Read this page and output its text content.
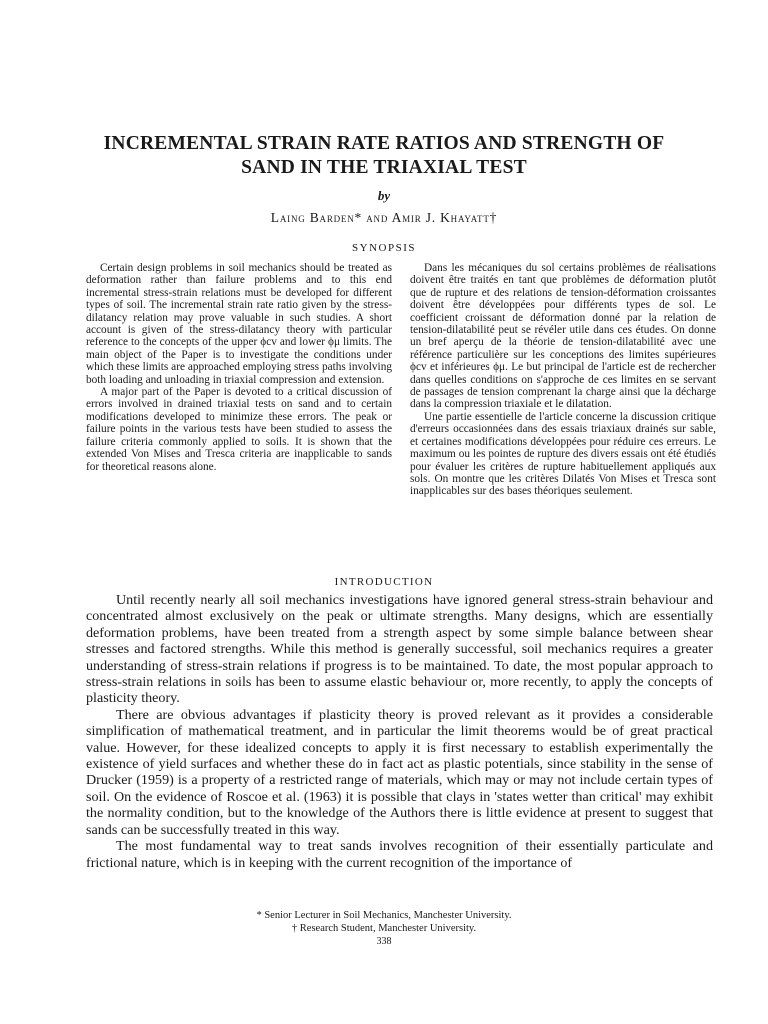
INCREMENTAL STRAIN RATE RATIOS AND STRENGTH OF SAND IN THE TRIAXIAL TEST
by
Laing Barden* and Amir J. Khayatt†
SYNOPSIS

Certain design problems in soil mechanics should be treated as deformation rather than failure problems and to this end incremental stress-strain relations must be developed for different types of soil. The incremental strain rate ratio given by the stress-dilatancy relation may prove valuable in such studies. A short account is given of the stress-dilatancy theory with particular reference to the concepts of the upper ϕcv and lower ϕμ limits. The main object of the Paper is to investigate the conditions under which these limits are approached employing stress paths involving both loading and unloading in triaxial compression and extension.

A major part of the Paper is devoted to a critical discussion of errors involved in drained triaxial tests on sand and to certain modifications developed to minimize these errors. The peak or failure points in the various tests have been studied to assess the failure criteria commonly applied to soils. It is shown that the extended Von Mises and Tresca criteria are inapplicable to sands for theoretical reasons alone.

Dans les mécaniques du sol certains problèmes de réalisations doivent être traités en tant que problèmes de déformation plutôt que de rupture et des relations de tension-déformation croissantes doivent être développées pour différents types de sol. Le coefficient croissant de déformation donné par la relation de tension-dilatabilité peut se révéler utile dans ces études. On donne un bref aperçu de la théorie de tension-dilatabilité avec une référence particulière sur les conceptions des limites supérieures ϕcv et inférieures ϕμ. Le but principal de l'article est de rechercher dans quelles conditions on s'approche de ces limites en se servant de passages de tension comprenant la charge ainsi que la décharge dans la compression triaxiale et le dilatation.

Une partie essentielle de l'article concerne la discussion critique d'erreurs occasionnées dans des essais triaxiaux drainés sur sable, et certaines modifications développées pour réduire ces erreurs. Le maximum ou les pointes de rupture des divers essais ont été étudiés pour évaluer les critères de rupture habituellement appliqués aux sols. On montre que les critères Dilatés Von Mises et Tresca sont inapplicables sur des bases théoriques seulement.

INTRODUCTION

Until recently nearly all soil mechanics investigations have ignored general stress-strain behaviour and concentrated almost exclusively on the peak or ultimate strengths. Many designs, which are essentially deformation problems, have been treated from a strength aspect by some simple balance between shear stresses and factored strengths. While this method is generally successful, soil mechanics requires a greater understanding of stress-strain relations if progress is to be maintained. To date, the most popular approach to stress-strain relations in soils has been to assume elastic behaviour or, more recently, to apply the concepts of plasticity theory.

There are obvious advantages if plasticity theory is proved relevant as it provides a considerable simplification of mathematical treatment, and in particular the limit theorems would be of great practical value. However, for these idealized concepts to apply it is first necessary to establish experimentally the existence of yield surfaces and whether these do in fact act as plastic potentials, since stability in the sense of Drucker (1959) is a property of a restricted range of materials, which may or may not include certain types of soil. On the evidence of Roscoe et al. (1963) it is possible that clays in 'states wetter than critical' may exhibit the normality condition, but to the knowledge of the Authors there is little evidence at present to suggest that sands can be successfully treated in this way.

The most fundamental way to treat sands involves recognition of their essentially particulate and frictional nature, which is in keeping with the current recognition of the importance of

* Senior Lecturer in Soil Mechanics, Manchester University.
† Research Student, Manchester University.
338
